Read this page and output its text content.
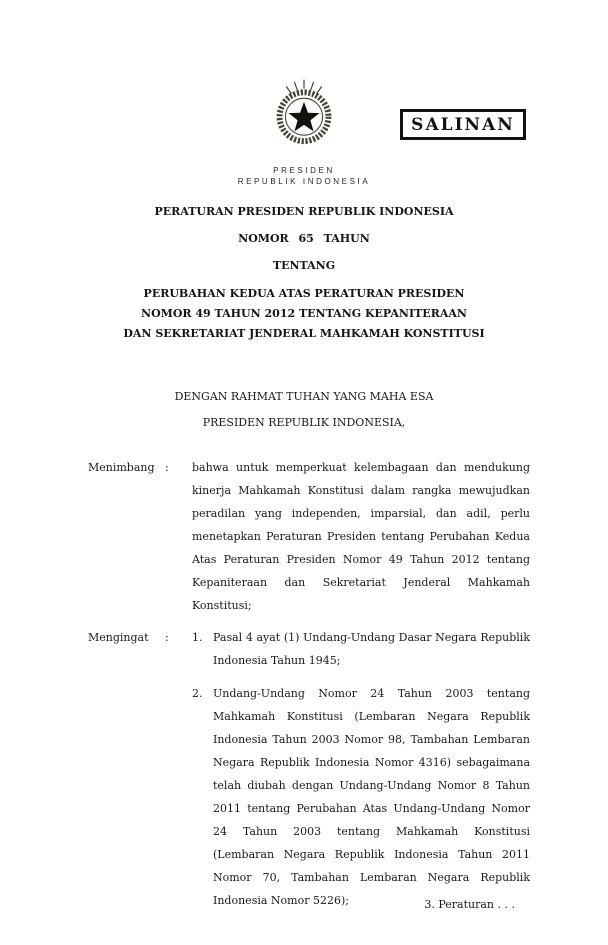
SALINAN
PRESIDEN
REPUBLIK INDONESIA
PERATURAN PRESIDEN REPUBLIK INDONESIA
NOMOR 65 TAHUN
TENTANG
PERUBAHAN KEDUA ATAS PERATURAN PRESIDEN
NOMOR 49 TAHUN 2012 TENTANG KEPANITERAAN
DAN SEKRETARIAT JENDERAL MAHKAMAH KONSTITUSI
DENGAN RAHMAT TUHAN YANG MAHA ESA
PRESIDEN REPUBLIK INDONESIA,
Menimbang :	bahwa untuk memperkuat kelembagaan dan mendukung kinerja Mahkamah Konstitusi dalam rangka mewujudkan peradilan yang independen, imparsial, dan adil, perlu menetapkan Peraturan Presiden tentang Perubahan Kedua Atas Peraturan Presiden Nomor 49 Tahun 2012 tentang Kepaniteraan dan Sekretariat Jenderal Mahkamah Konstitusi;
Mengingat	:	1. Pasal 4 ayat (1) Undang-Undang Dasar Negara Republik Indonesia Tahun 1945;
2. Undang-Undang Nomor 24 Tahun 2003 tentang Mahkamah Konstitusi (Lembaran Negara Republik Indonesia Tahun 2003 Nomor 98, Tambahan Lembaran Negara Republik Indonesia Nomor 4316) sebagaimana telah diubah dengan Undang-Undang Nomor 8 Tahun 2011 tentang Perubahan Atas Undang-Undang Nomor 24 Tahun 2003 tentang Mahkamah Konstitusi (Lembaran Negara Republik Indonesia Tahun 2011 Nomor 70, Tambahan Lembaran Negara Republik Indonesia Nomor 5226);	3. Peraturan . . .
